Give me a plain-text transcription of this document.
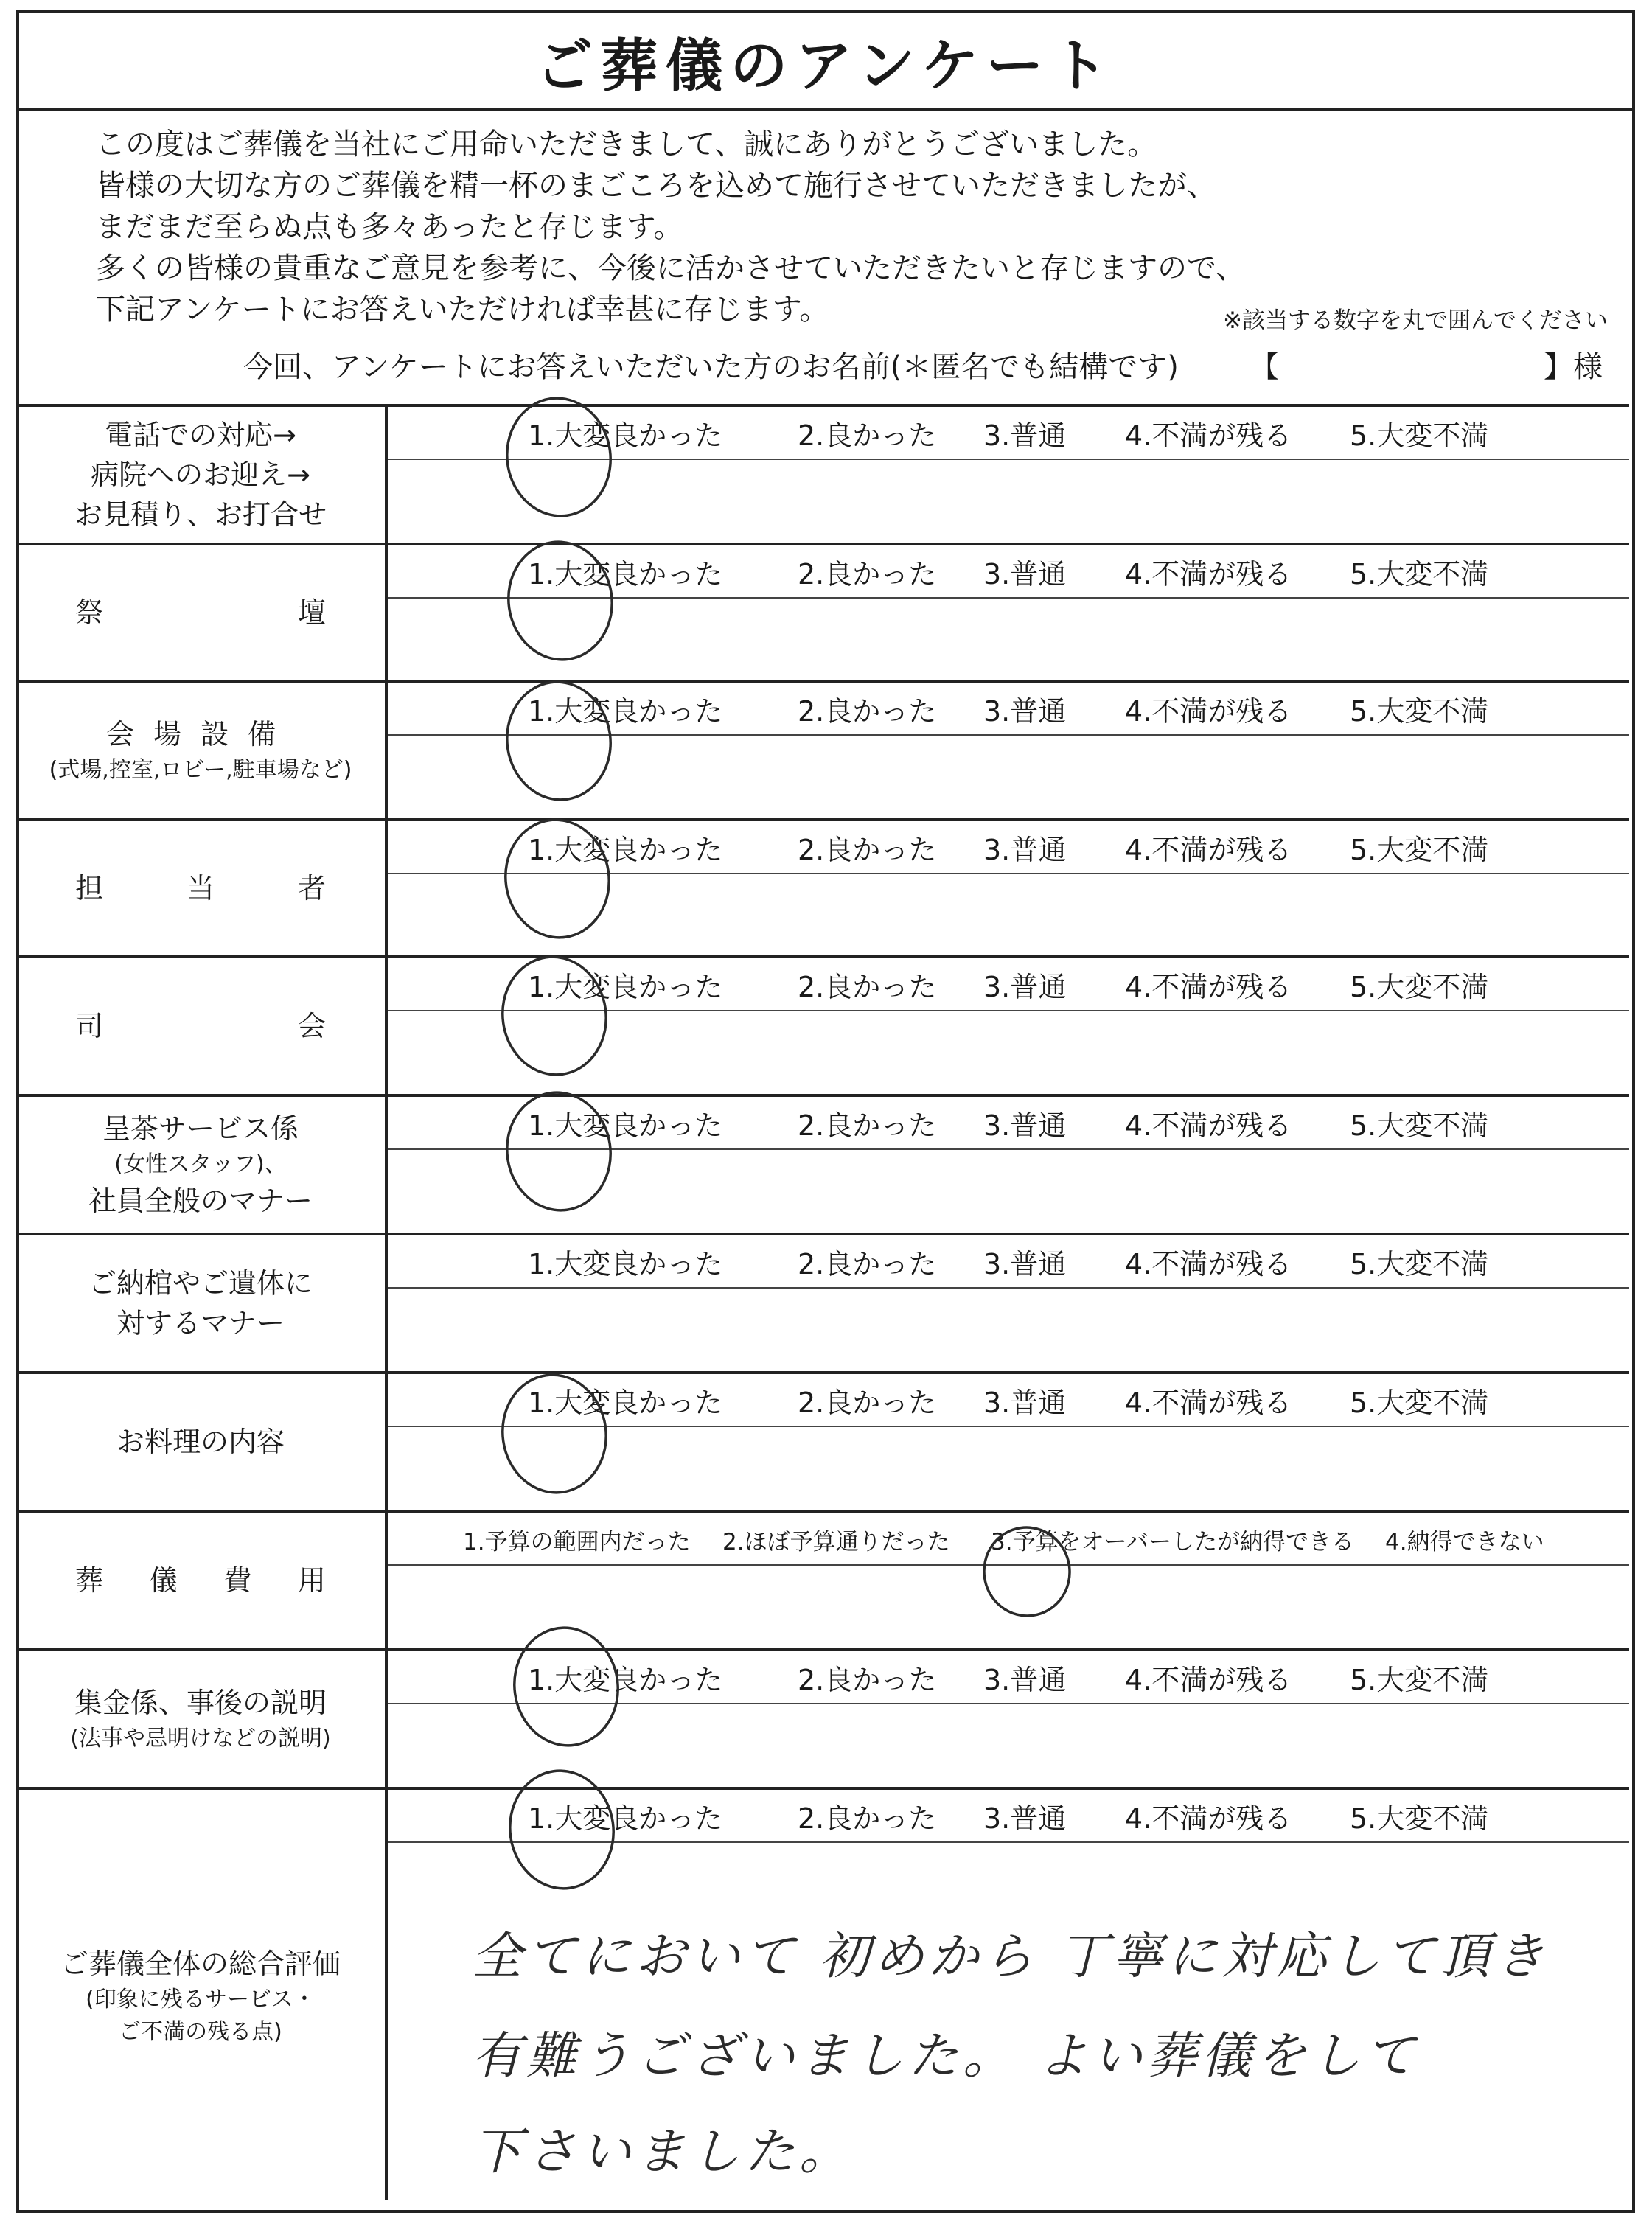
ご葬儀のアンケート

この度はご葬儀を当社にご用命いただきまして、誠にありがとうございました。

皆様の大切な方のご葬儀を精一杯のまごころを込めて施行させていただきましたが、

まだまだ至らぬ点も多々あったと存じます。

多くの皆様の貴重なご意見を参考に、今後に活かさせていただきたいと存じますので、

下記アンケートにお答えいただければ幸甚に存じます。	※該当する数字を丸で囲んでください
今回、アンケートにお答えいただいた方のお名前(＊匿名でも結構です) 【	】様
電話での対応→
病院へのお迎え→
お見積り、お打合せ
1.大変良かった	2.良かった 3.普通 4.不満が残る 5.大変不満
祭	壇
1.大変良かった	2.良かった 3.普通 4.不満が残る 5.大変不満
会場設備
(式場,控室,ロビー,駐車場など)
1.大変良かった	2.良かった 3.普通 4.不満が残る 5.大変不満
担	当	者
1.大変良かった	2.良かった 3.普通 4.不満が残る 5.大変不満
司	会
1.大変良かった	2.良かった 3.普通 4.不満が残る 5.大変不満
呈茶サービス係
(女性スタッフ)、
社員全般のマナー
1.大変良かった	2.良かった 3.普通 4.不満が残る 5.大変不満
ご納棺やご遺体に
対するマナー
1.大変良かった	2.良かった 3.普通 4.不満が残る 5.大変不満
お料理の内容
1.大変良かった	2.良かった 3.普通 4.不満が残る 5.大変不満
葬 儀 費 用
1.予算の範囲内だった 2.ほぼ予算通りだった 3.予算をオーバーしたが納得できる 4.納得できない
集金係、事後の説明
(法事や忌明けなどの説明)
1.大変良かった	2.良かった 3.普通 4.不満が残る 5.大変不満
ご葬儀全体の総合評価
(印象に残るサービス・
ご不満の残る点)
1.大変良かった	2.良かった 3.普通 4.不満が残る 5.大変不満
全てにおいて 初めから 丁寧に対応して頂き
有難うございました。 よい葬儀をして
下さいました。
